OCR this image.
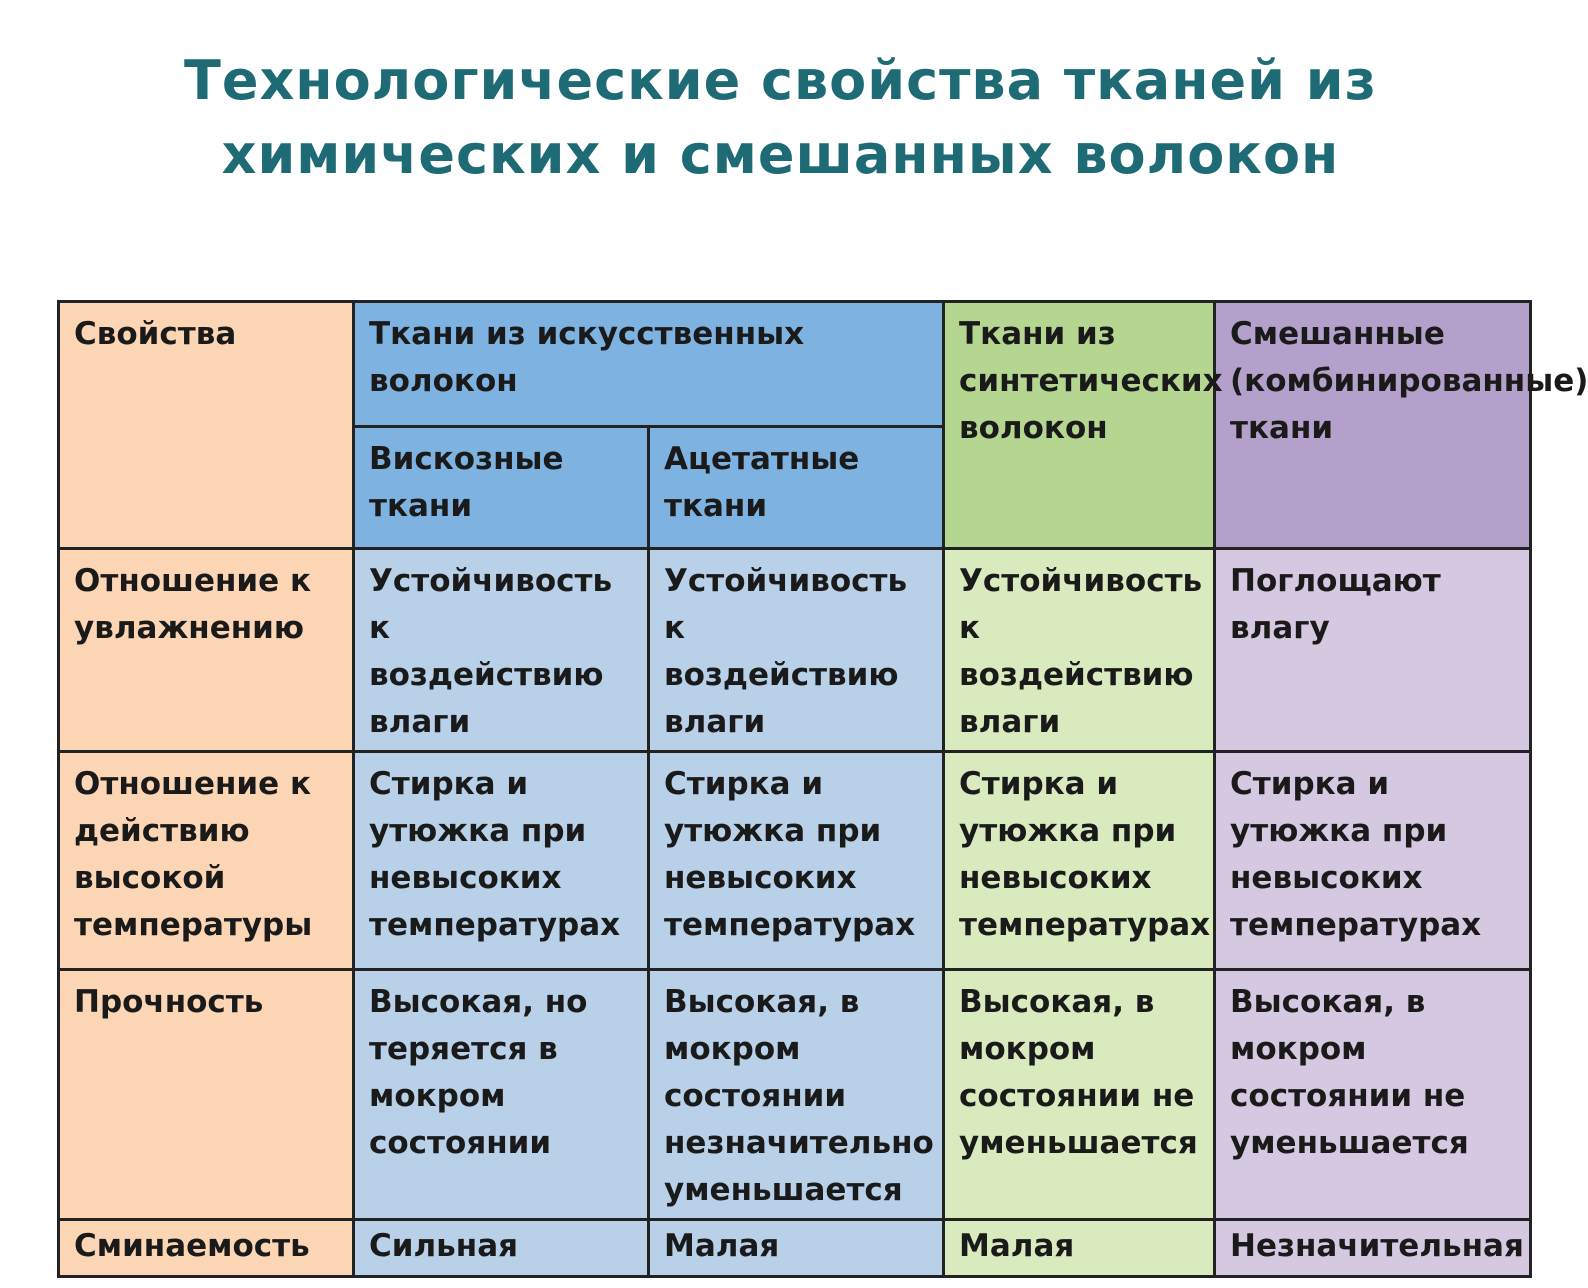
Технологические свойства тканей из
химических и смешанных волокон
Свойства	Ткани из искусственных волокон		Ткани из синтетических волокон	Смешанные (комбинированные) ткани
	Вискозные ткани	Ацетатные ткани		
Отношение к увлажнению	Устойчивость к воздействию влаги	Устойчивость к воздействию влаги	Устойчивость к воздействию влаги	Поглощают влагу
Отношение к действию высокой температуры	Стирка и утюжка при невысоких температурах	Стирка и утюжка при невысоких температурах	Стирка и утюжка при невысоких температурах	Стирка и утюжка при невысоких температурах
Прочность	Высокая, но теряется в мокром состоянии	Высокая, в мокром состоянии незначительно уменьшается	Высокая, в мокром состоянии не уменьшается	Высокая, в мокром состоянии не уменьшается
Сминаемость	Сильная	Малая	Малая	Незначительная
